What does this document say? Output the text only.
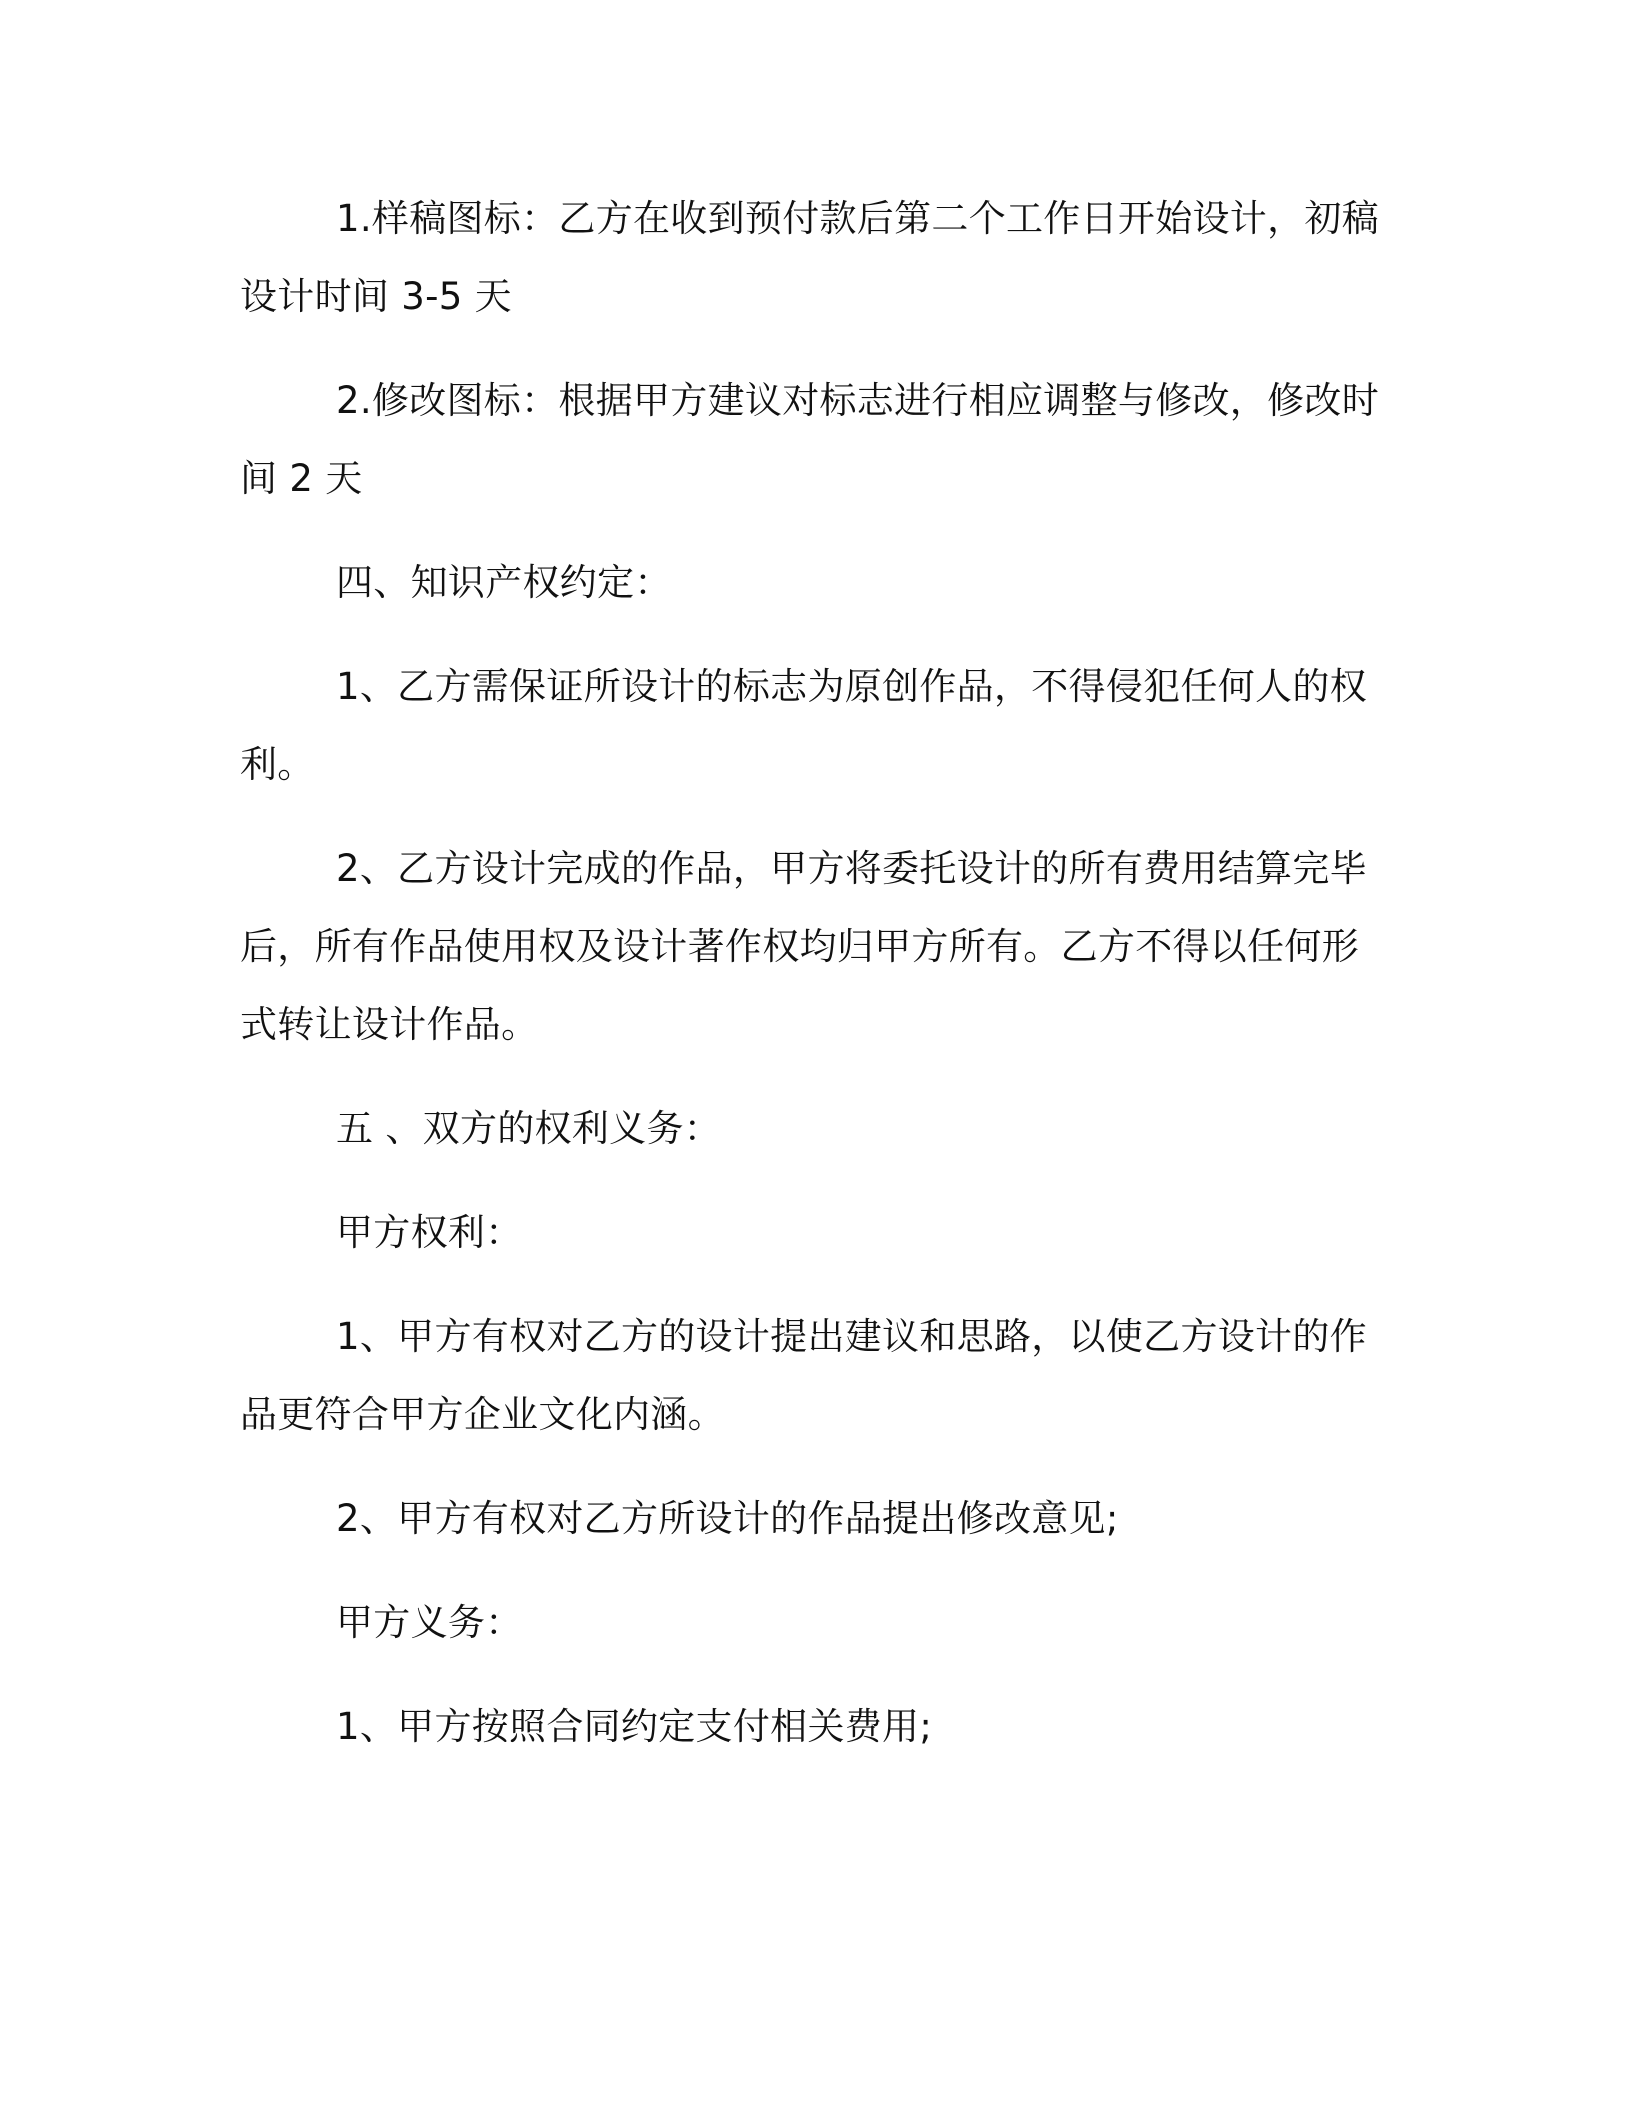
1.样稿图标：乙方在收到预付款后第二个工作日开始设计，初稿设计时间 3-5 天

2.修改图标：根据甲方建议对标志进行相应调整与修改，修改时间 2 天

四、知识产权约定：

1、乙方需保证所设计的标志为原创作品，不得侵犯任何人的权利。

2、乙方设计完成的作品，甲方将委托设计的所有费用结算完毕后，所有作品使用权及设计著作权均归甲方所有。乙方不得以任何形式转让设计作品。

五 、双方的权利义务：

甲方权利：

1、甲方有权对乙方的设计提出建议和思路，以使乙方设计的作品更符合甲方企业文化内涵。

2、甲方有权对乙方所设计的作品提出修改意见;

甲方义务：

1、甲方按照合同约定支付相关费用;
